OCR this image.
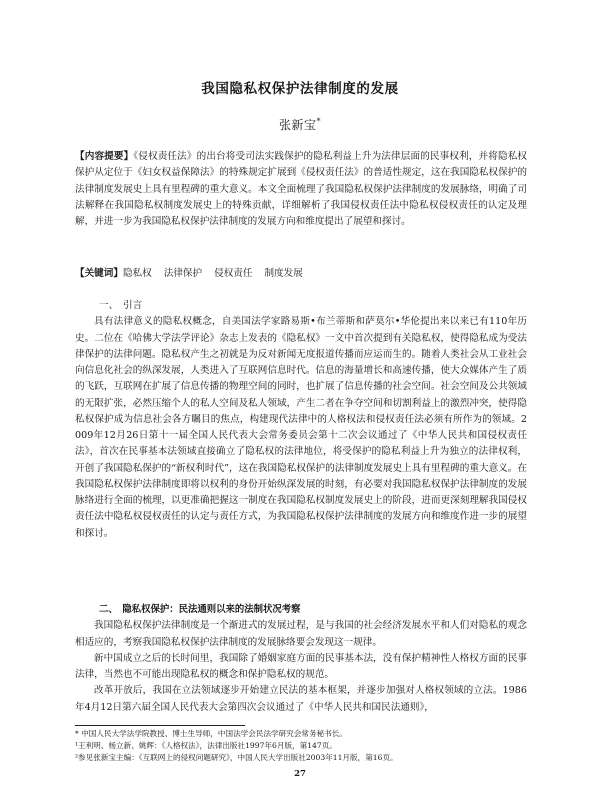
我国隐私权保护法律制度的发展
张新宝*
【内容提要】《侵权责任法》的出台将受司法实践保护的隐私利益上升为法律层面的民事权利，并将隐私权保护从定位于《妇女权益保障法》的特殊规定扩展到《侵权责任法》的普适性规定，这在我国隐私权保护的法律制度发展史上具有里程碑的重大意义。本文全面梳理了我国隐私权保护法律制度的发展脉络，明确了司法解释在我国隐私权制度发展史上的特殊贡献，详细解析了我国侵权责任法中隐私权侵权责任的认定及理解，并进一步为我国隐私权保护法律制度的发展方向和维度提出了展望和探讨。
【关键词】隐私权 法律保护 侵权责任 制度发展

一、　引言

具有法律意义的隐私权概念，自美国法学家路易斯•布兰蒂斯和萨莫尔•华伦提出来以来已有110年历史。二位在《哈佛大学法学评论》杂志上发表的《隐私权》一文中首次提到有关隐私权，使得隐私成为受法律保护的法律问题。隐私权产生之初就是为反对新闻无度报道传播而应运而生的。随着人类社会从工业社会向信息化社会的纵深发展，人类进入了互联网信息时代。信息的海量增长和高速传播，使大众媒体产生了质的飞跃，互联网在扩展了信息传播的物理空间的同时，也扩展了信息传播的社会空间。社会空间及公共领域的无限扩张，必然压缩个人的私人空间及私人领域，产生二者在争夺空间和切割利益上的激烈冲突，使得隐私权保护成为信息社会各方瞩目的焦点，构建现代法律中的人格权法和侵权责任法必须有所作为的领域。2009年12月26日第十一届全国人民代表大会常务委员会第十二次会议通过了《中华人民共和国侵权责任法》，首次在民事基本法领域直接确立了隐私权的法律地位，将受保护的隐私利益上升为独立的法律权利，开创了我国隐私保护的“新权利时代”，这在我国隐私权保护的法律制度发展史上具有里程碑的重大意义。在我国隐私权保护法律制度即将以权利的身份开始纵深发展的时刻，有必要对我国隐私权保护法律制度的发展脉络进行全面的梳理，以更准确把握这一制度在我国隐私权制度发展史上的阶段，进而更深刻理解我国侵权责任法中隐私权侵权责任的认定与责任方式，为我国隐私权保护法律制度的发展方向和维度作进一步的展望和探讨。

二、　隐私权保护：民法通则以来的法制状况考察

我国隐私权保护法律制度是一个渐进式的发展过程，是与我国的社会经济发展水平和人们对隐私的观念相适应的，考察我国隐私权保护法律制度的发展脉络要会发现这一规律。

新中国成立之后的长时间里，我国除了婚姻家庭方面的民事基本法，没有保护精神性人格权方面的民事法律，当然也不可能出现隐私权的概念和保护隐私权的规范。

改革开放后，我国在立法领域逐步开始建立民法的基本框架，并逐步加强对人格权领域的立法。1986年4月12日第六届全国人民代表大会第四次会议通过了《中华人民共和国民法通则》，

* 中国人民大学法学院教授、博士生导师，中国法学会民法学研究会常务秘书长。

¹王利明、杨立新、姚辉：《人格权法》，法律出版社1997年6月版，第147页。

²参见张新宝主编：《互联网上的侵权问题研究》，中国人民大学出版社2003年11月版，第16页。

27
